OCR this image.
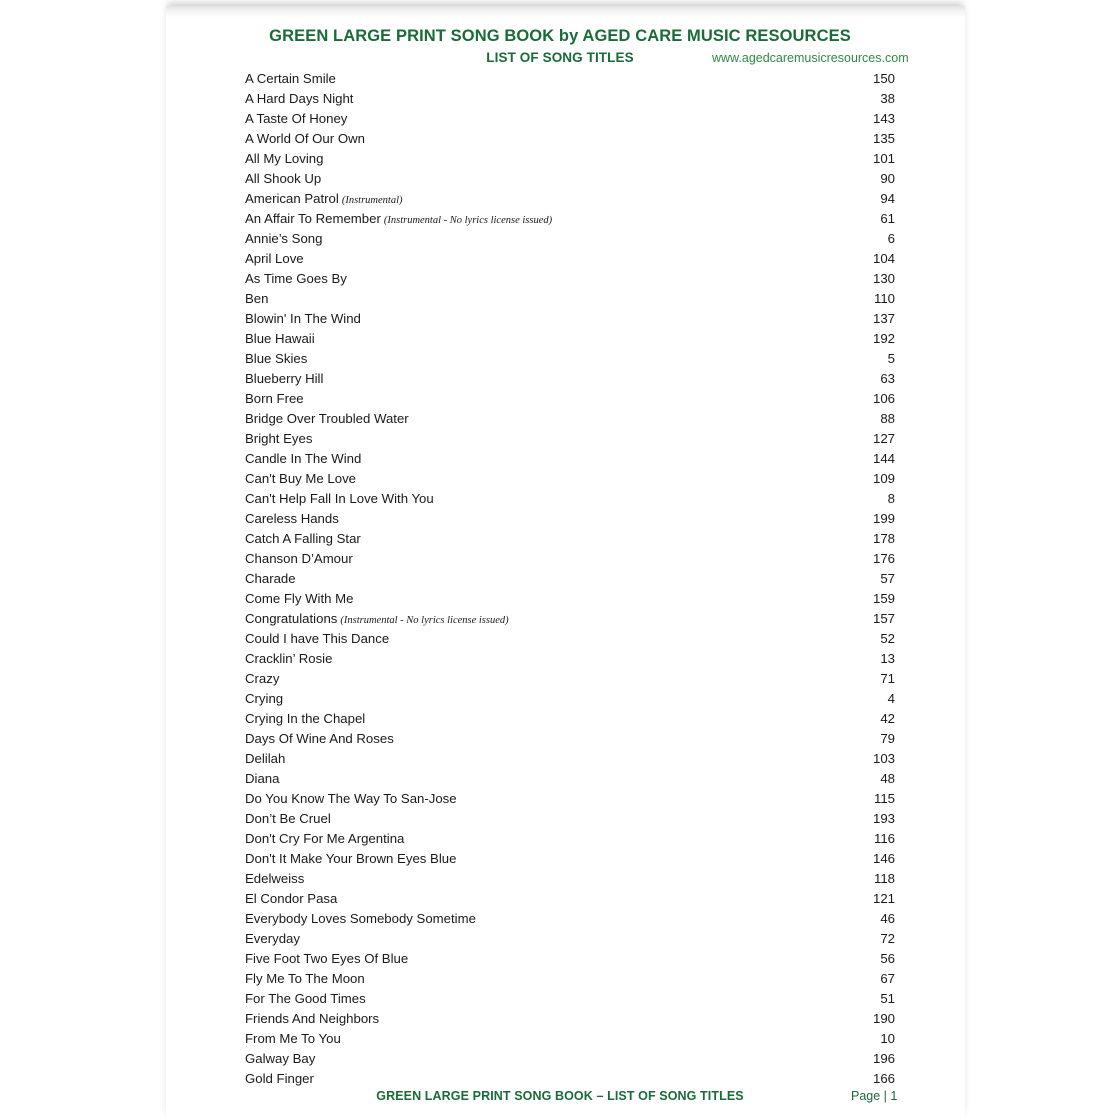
GREEN LARGE PRINT SONG BOOK by AGED CARE MUSIC RESOURCES
LIST OF SONG TITLES	www.agedcaremusicresources.com
A Certain Smile	150
A Hard Days Night	38
A Taste Of Honey	143
A World Of Our Own	135
All My Loving	101
All Shook Up	90
American Patrol (Instrumental)	94
An Affair To Remember (Instrumental - No lyrics license issued)	61
Annie’s Song	6
April Love	104
As Time Goes By	130
Ben	110
Blowin' In The Wind	137
Blue Hawaii	192
Blue Skies	5
Blueberry Hill	63
Born Free	106
Bridge Over Troubled Water	88
Bright Eyes	127
Candle In The Wind	144
Can't Buy Me Love	109
Can't Help Fall In Love With You	8
Careless Hands	199
Catch A Falling Star	178
Chanson D’Amour	176
Charade	57
Come Fly With Me	159
Congratulations (Instrumental - No lyrics license issued)	157
Could I have This Dance	52
Cracklin’ Rosie	13
Crazy	71
Crying	4
Crying In the Chapel	42
Days Of Wine And Roses	79
Delilah	103
Diana	48
Do You Know The Way To San-Jose	115
Don’t Be Cruel	193
Don't Cry For Me Argentina	116
Don't It Make Your Brown Eyes Blue	146
Edelweiss	118
El Condor Pasa	121
Everybody Loves Somebody Sometime	46
Everyday	72
Five Foot Two Eyes Of Blue	56
Fly Me To The Moon	67
For The Good Times	51
Friends And Neighbors	190
From Me To You	10
Galway Bay	196
Gold Finger	166
GREEN LARGE PRINT SONG BOOK – LIST OF SONG TITLES	Page | 1
